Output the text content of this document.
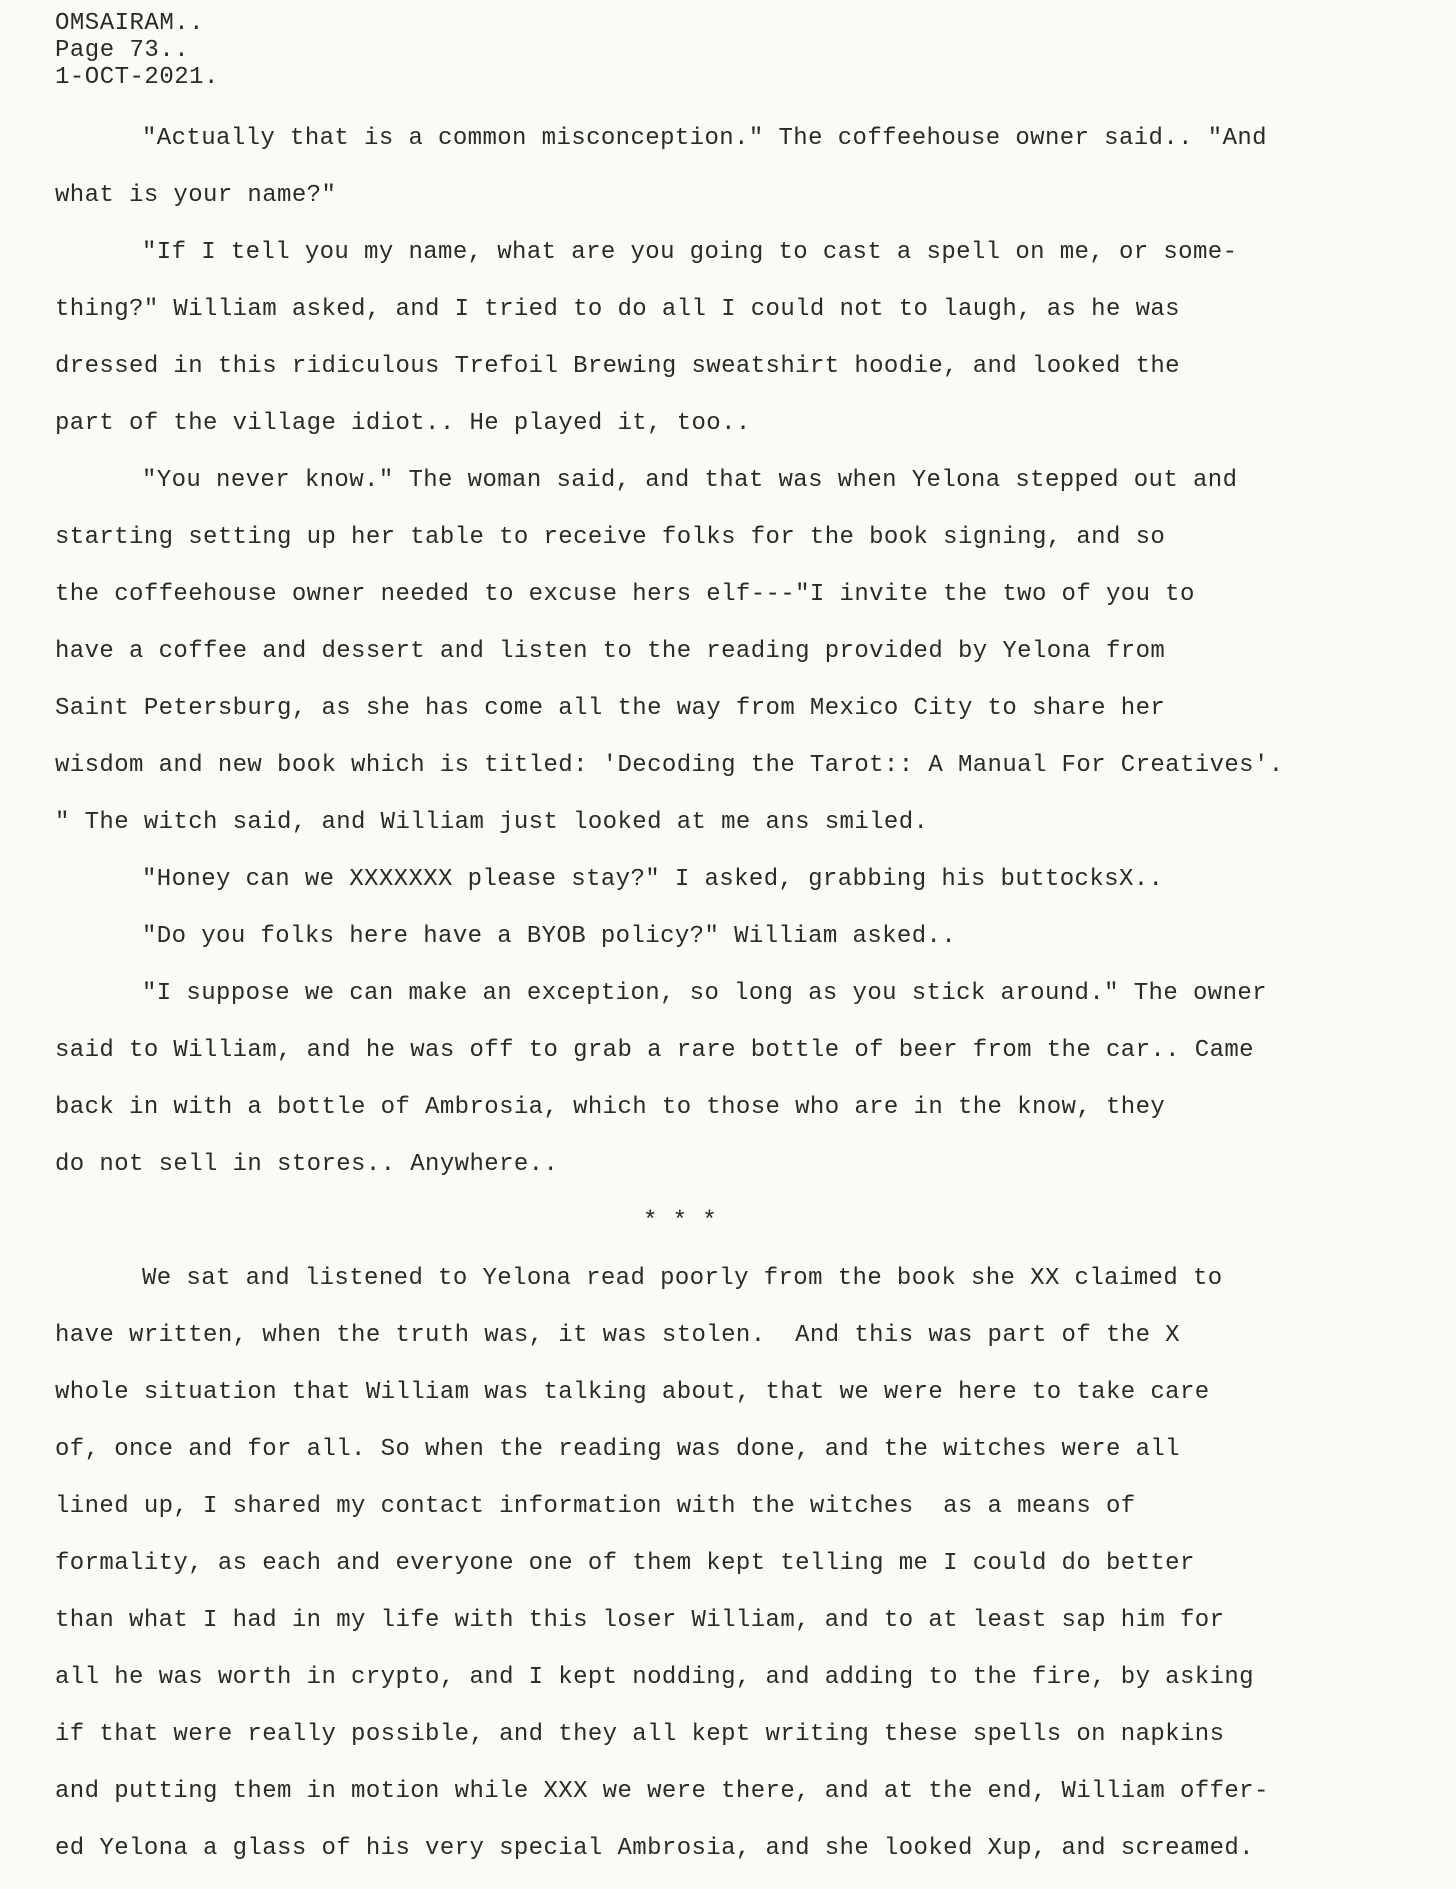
OMSAIRAM..
Page 73..
1-OCT-2021.
"Actually that is a common misconception." The coffeehouse owner said.. "And
what is your name?"
"If I tell you my name, what are you going to cast a spell on me, or some-
thing?" William asked, and I tried to do all I could not to laugh, as he was
dressed in this ridiculous Trefoil Brewing sweatshirt hoodie, and looked the
part of the village idiot.. He played it, too..
"You never know." The woman said, and that was when Yelona stepped out and
starting setting up her table to receive folks for the book signing, and so
the coffeehouse owner needed to excuse hers elf---"I invite the two of you to
have a coffee and dessert and listen to the reading provided by Yelona from
Saint Petersburg, as she has come all the way from Mexico City to share her
wisdom and new book which is titled: 'Decoding the Tarot:: A Manual For Creatives'.
" The witch said, and William just looked at me ans smiled.
"Honey can we XXXXXXX please stay?" I asked, grabbing his buttocksX..
"Do you folks here have a BYOB policy?" William asked..
"I suppose we can make an exception, so long as you stick around." The owner
said to William, and he was off to grab a rare bottle of beer from the car.. Came
back in with a bottle of Ambrosia, which to those who are in the know, they
do not sell in stores.. Anywhere..
* * *
We sat and listened to Yelona read poorly from the book she XX claimed to
have written, when the truth was, it was stolen.  And this was part of the X
whole situation that William was talking about, that we were here to take care
of, once and for all. So when the reading was done, and the witches were all
lined up, I shared my contact information with the witches  as a means of
formality, as each and everyone one of them kept telling me I could do better
than what I had in my life with this loser William, and to at least sap him for
all he was worth in crypto, and I kept nodding, and adding to the fire, by asking
if that were really possible, and they all kept writing these spells on napkins
and putting them in motion while XXX we were there, and at the end, William offer-
ed Yelona a glass of his very special Ambrosia, and she looked Xup, and screamed.
